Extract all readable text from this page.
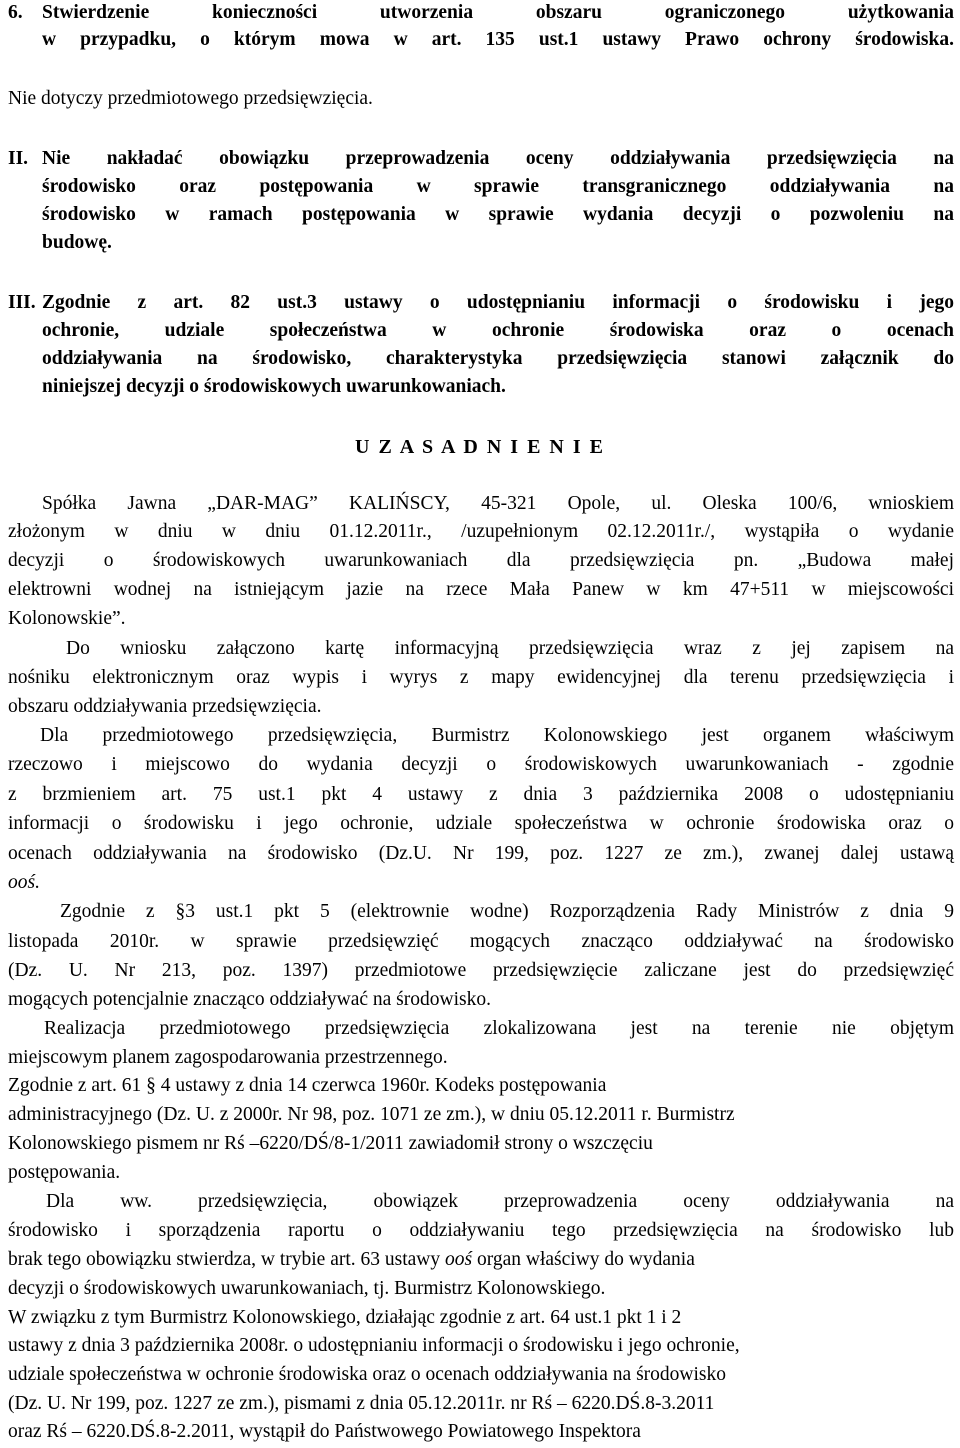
6. Stwierdzenie konieczności utworzenia obszaru ograniczonego użytkowania

w przypadku, o którym mowa w art. 135 ust.1 ustawy Prawo ochrony środowiska.

Nie dotyczy przedmiotowego przedsięwzięcia.

II. Nie nakładać obowiązku przeprowadzenia oceny oddziaływania przedsięwzięcia na

środowisko oraz postępowania w sprawie transgranicznego oddziaływania na

środowisko w ramach postępowania w sprawie wydania decyzji o pozwoleniu na

budowę.

III. Zgodnie z art. 82 ust.3 ustawy o udostępnianiu informacji o środowisku i jego

ochronie, udziale społeczeństwa w ochronie środowiska oraz o ocenach

oddziaływania na środowisko, charakterystyka przedsięwzięcia stanowi załącznik do

niniejszej decyzji o środowiskowych uwarunkowaniach.

U Z A S A D N I E N I E

Spółka Jawna „DAR-MAG” KALIŃSCY, 45-321 Opole, ul. Oleska 100/6, wnioskiem

złożonym w dniu w dniu 01.12.2011r., /uzupełnionym 02.12.2011r./, wystąpiła o wydanie

decyzji o środowiskowych uwarunkowaniach dla przedsięwzięcia pn. „Budowa małej

elektrowni wodnej na istniejącym jazie na rzece Mała Panew w km 47+511 w miejscowości

Kolonowskie”.

Do wniosku załączono kartę informacyjną przedsięwzięcia wraz z jej zapisem na

nośniku elektronicznym oraz wypis i wyrys z mapy ewidencyjnej dla terenu przedsięwzięcia i

obszaru oddziaływania przedsięwzięcia.

Dla przedmiotowego przedsięwzięcia, Burmistrz Kolonowskiego jest organem właściwym

rzeczowo i miejscowo do wydania decyzji o środowiskowych uwarunkowaniach - zgodnie

z brzmieniem art. 75 ust.1 pkt 4 ustawy z dnia 3 października 2008 o udostępnianiu

informacji o środowisku i jego ochronie, udziale społeczeństwa w ochronie środowiska oraz o

ocenach oddziaływania na środowisko (Dz.U. Nr 199, poz. 1227 ze zm.), zwanej dalej ustawą

ooś.

Zgodnie z §3 ust.1 pkt 5 (elektrownie wodne) Rozporządzenia Rady Ministrów z dnia 9

listopada 2010r. w sprawie przedsięwzięć mogących znacząco oddziaływać na środowisko

(Dz. U. Nr 213, poz. 1397) przedmiotowe przedsięwzięcie zaliczane jest do przedsięwzięć

mogących potencjalnie znacząco oddziaływać na środowisko.

Realizacja przedmiotowego przedsięwzięcia zlokalizowana jest na terenie nie objętym

miejscowym planem zagospodarowania przestrzennego.

Zgodnie z art. 61 § 4 ustawy z dnia 14 czerwca 1960r. Kodeks postępowania

administracyjnego (Dz. U. z 2000r. Nr 98, poz. 1071 ze zm.), w dniu 05.12.2011 r. Burmistrz

Kolonowskiego pismem nr Rś –6220/DŚ/8-1/2011 zawiadomił strony o wszczęciu

postępowania.

Dla ww. przedsięwzięcia, obowiązek przeprowadzenia oceny oddziaływania na

środowisko i sporządzenia raportu o oddziaływaniu tego przedsięwzięcia na środowisko lub

brak tego obowiązku stwierdza, w trybie art. 63 ustawy ooś organ właściwy do wydania

decyzji o środowiskowych uwarunkowaniach, tj. Burmistrz Kolonowskiego.

W związku z tym Burmistrz Kolonowskiego, działając zgodnie z art. 64 ust.1 pkt 1 i 2

ustawy z dnia 3 października 2008r. o udostępnianiu informacji o środowisku i jego ochronie,

udziale społeczeństwa w ochronie środowiska oraz o ocenach oddziaływania na środowisko

(Dz. U. Nr 199, poz. 1227 ze zm.), pismami z dnia 05.12.2011r. nr Rś – 6220.DŚ.8-3.2011

oraz Rś – 6220.DŚ.8-2.2011, wystąpił do Państwowego Powiatowego Inspektora
